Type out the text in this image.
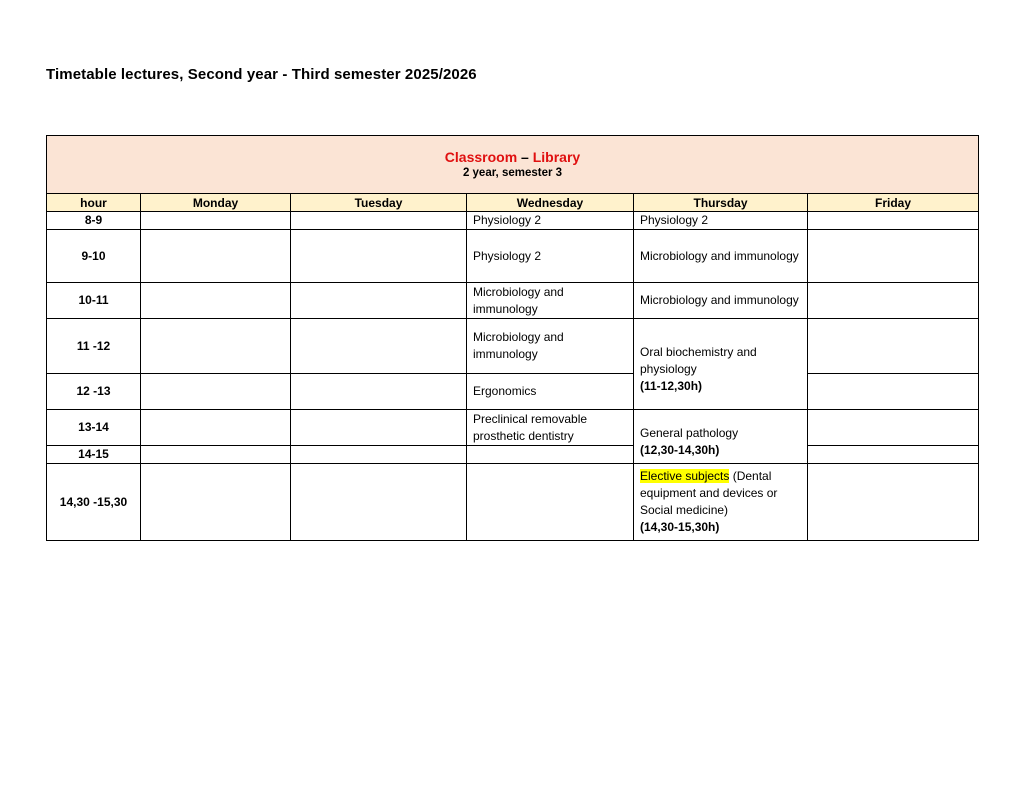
Timetable lectures, Second year - Third semester 2025/2026
Classroom – Library
2 year, semester 3					

hour	Monday	Tuesday	Wednesday	Thursday	Friday
8-9			Physiology 2	Physiology 2	
9-10			Physiology 2	Microbiology and immunology	
10-11			Microbiology and immunology	Microbiology and immunology	
11 -12			Microbiology and immunology	Oral biochemistry and physiology
(11-12,30h)	

12 -13			Ergonomics		
13-14			Preclinical removable prosthetic dentistry	General pathology
(12,30-14,30h)	

14-15					
14,30 -15,30				Elective subjects (Dental equipment and devices or Social medicine)
(14,30-15,30h)	
